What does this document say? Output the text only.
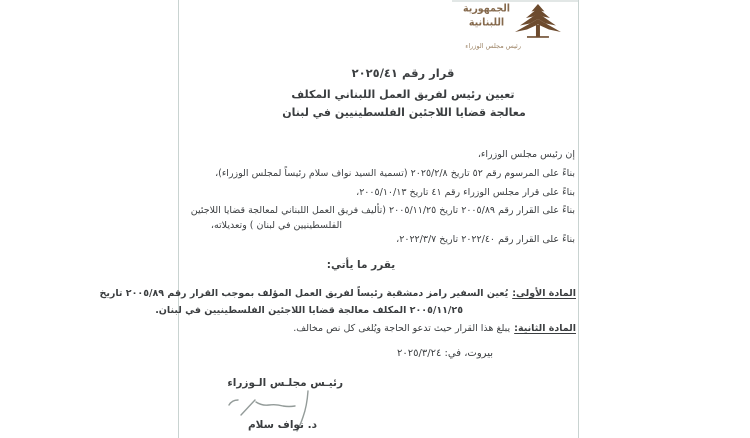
الجمهورية
اللبنانية
رئيس مجلس الوزراء
قرار رقم ٢٠٢٥/٤١
تعيين رئيس لفريق العمل اللبناني المكلف
معالجة قضايا اللاجئين الفلسطينيين في لبنان
إن رئيس مجلس الوزراء،
بناءً على المرسوم رقم ٥٢ تاريخ ٢٠٢٥/٢/٨ (تسمية السيد نواف سلام رئيساً لمجلس الوزراء)،
بناءً على قرار مجلس الوزراء رقم ٤١ تاريخ ٢٠٠٥/١٠/١٣،
بناءً على القرار رقم ٢٠٠٥/٨٩ تاريخ ٢٠٠٥/١١/٢٥ (تأليف فريق العمل اللبناني لمعالجة قضايا اللاجئين
الفلسطينيين في لبنان ) وتعديلاته،
بناءً على القرار رقم ٢٠٢٢/٤٠ تاريخ ٢٠٢٢/٣/٧،
يقرر ما يأتي:
المادة الأولى:يُعين السفير رامز دمشقية رئيساً لفريق العمل المؤلف بموجب القرار رقم ٢٠٠٥/٨٩ تاريخ
٢٠٠٥/١١/٢٥ المكلف معالجة قضايا اللاجئين الفلسطينيين في لبنان.
المادة الثانية:يبلغ هذا القرار حيث تدعو الحاجة ويُلغى كل نص مخالف.
بيروت، في: ٢٠٢٥/٣/٢٤
رئيـس مجلـس الـوزراء
د. نواف سلام
